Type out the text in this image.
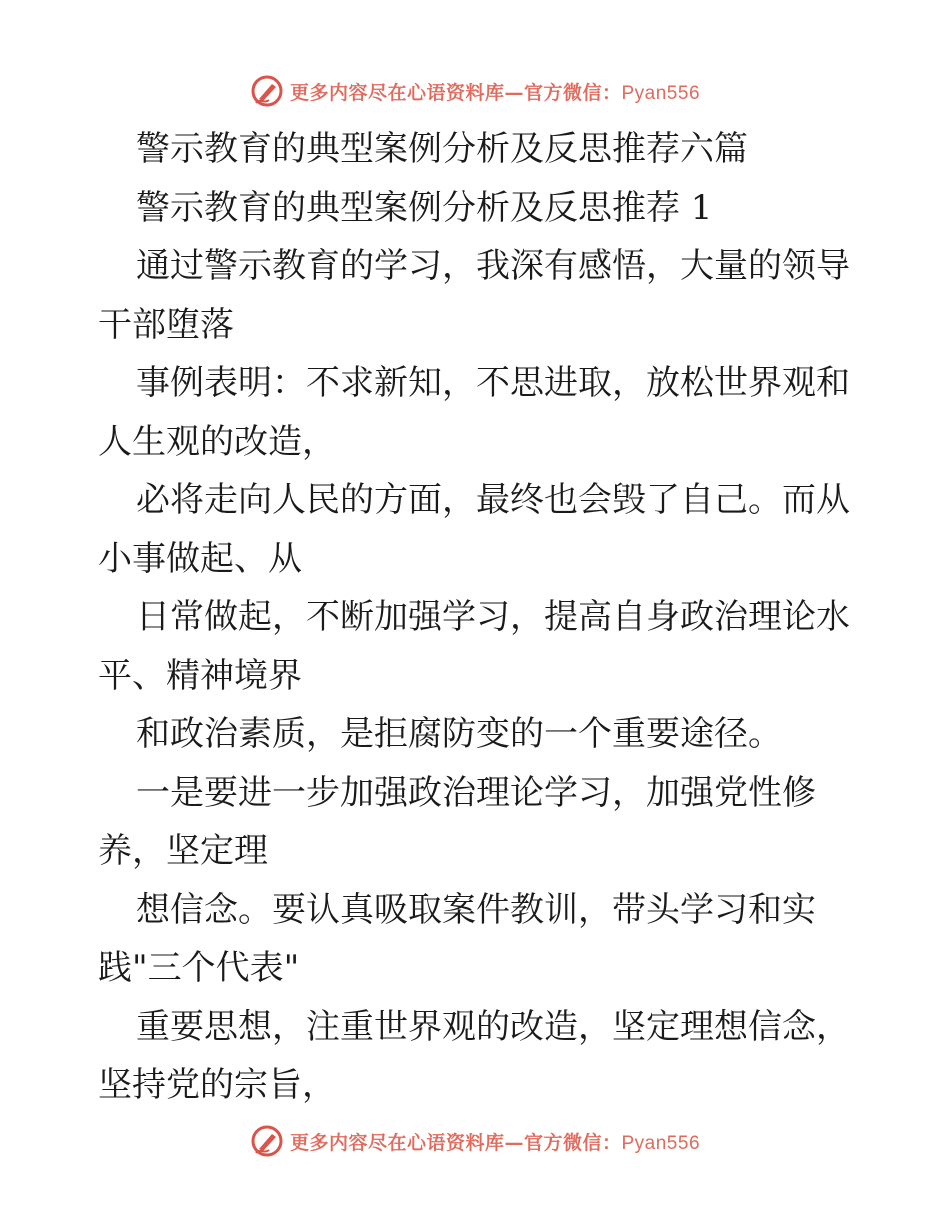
更多内容尽在心语资料库—官方微信：Pyan556
警示教育的典型案例分析及反思推荐六篇
警示教育的典型案例分析及反思推荐 1
通过警示教育的学习，我深有感悟，大量的领导
干部堕落
事例表明：不求新知，不思进取，放松世界观和
人生观的改造，
必将走向人民的方面，最终也会毁了自己。而从
小事做起、从
日常做起，不断加强学习，提高自身政治理论水
平、精神境界
和政治素质，是拒腐防变的一个重要途径。
一是要进一步加强政治理论学习，加强党性修
养，坚定理
想信念。要认真吸取案件教训，带头学习和实
践"三个代表"
重要思想，注重世界观的改造，坚定理想信念，
坚持党的宗旨，
更多内容尽在心语资料库—官方微信：Pyan556
